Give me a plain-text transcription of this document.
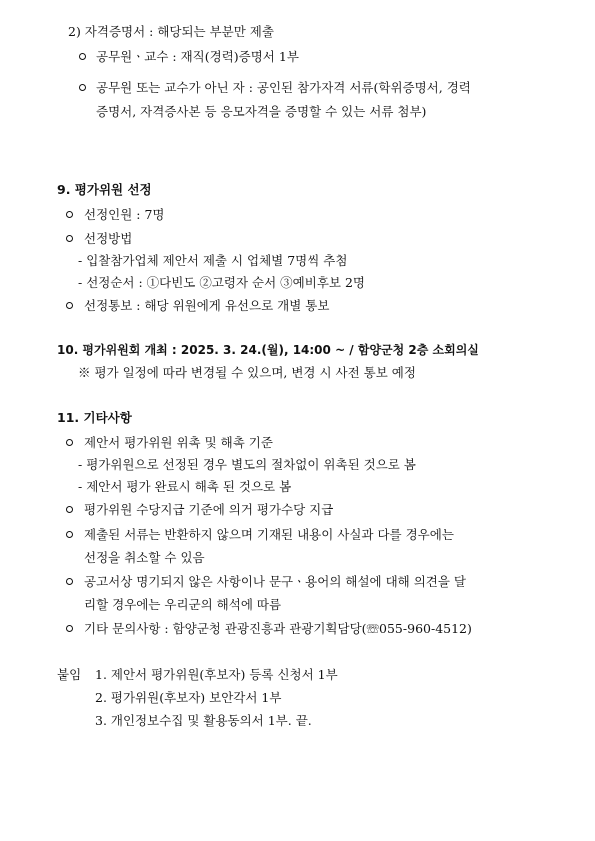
2) 자격증명서 : 해당되는 부분만 제출
공무원ㆍ교수 : 재직(경력)증명서 1부
공무원 또는 교수가 아닌 자 : 공인된 참가자격 서류(학위증명서, 경력
증명서, 자격증사본 등 응모자격을 증명할 수 있는 서류 첨부)
9. 평가위원 선정
선정인원 : 7명
선정방법
- 입찰참가업체 제안서 제출 시 업체별 7명씩 추첨
- 선정순서 : ①다빈도 ②고령자 순서 ③예비후보 2명
선정통보 : 해당 위원에게 유선으로 개별 통보
10. 평가위원회 개최 : 2025. 3. 24.(월), 14:00 ~ / 함양군청 2층 소회의실
※ 평가 일정에 따라 변경될 수 있으며, 변경 시 사전 통보 예정
11. 기타사항
제안서 평가위원 위촉 및 해촉 기준
- 평가위원으로 선정된 경우 별도의 절차없이 위촉된 것으로 봄
- 제안서 평가 완료시 해촉 된 것으로 봄
평가위원 수당지급 기준에 의거 평가수당 지급
제출된 서류는 반환하지 않으며 기재된 내용이 사실과 다를 경우에는
선정을 취소할 수 있음
공고서상 명기되지 않은 사항이나 문구ㆍ용어의 해설에 대해 의견을 달
리할 경우에는 우리군의 해석에 따름
기타 문의사항 : 함양군청 관광진흥과 관광기획담당(☏055-960-4512)
붙임 1. 제안서 평가위원(후보자) 등록 신청서 1부
2. 평가위원(후보자) 보안각서 1부
3. 개인정보수집 및 활용동의서 1부. 끝.
